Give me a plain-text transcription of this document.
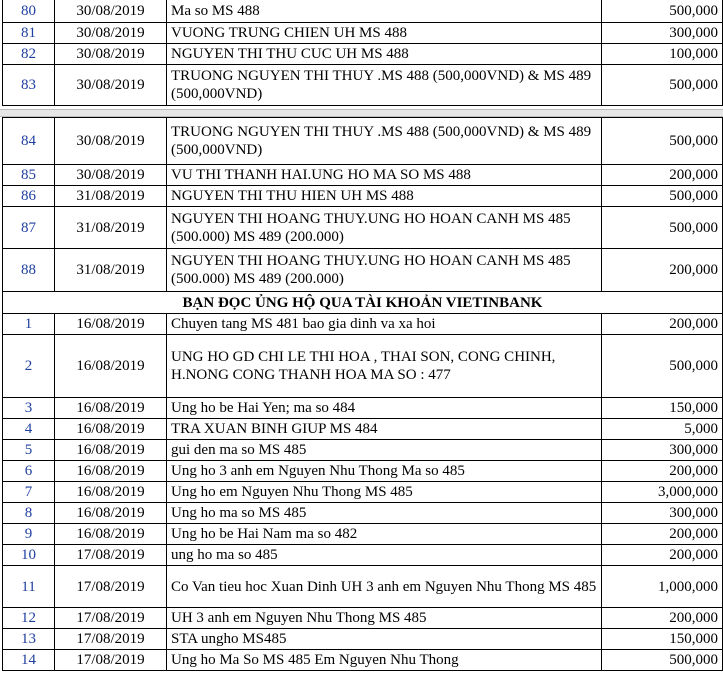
80	30/08/2019	Ma so MS 488	500,000
81	30/08/2019	VUONG TRUNG CHIEN UH MS 488	300,000
82	30/08/2019	NGUYEN THI THU CUC UH MS 488	100,000
83	30/08/2019	TRUONG NGUYEN THI THUY .MS 488 (500,000VND) & MS 489 (500,000VND)	500,000
84	30/08/2019	TRUONG NGUYEN THI THUY .MS 488 (500,000VND) & MS 489 (500,000VND)	500,000
85	30/08/2019	VU THI THANH HAI.UNG HO MA SO MS 488	200,000
86	31/08/2019	NGUYEN THI THU HIEN UH MS 488	500,000
87	31/08/2019	NGUYEN THI HOANG THUY.UNG HO HOAN CANH MS 485 (500.000) MS 489 (200.000)	500,000
88	31/08/2019	NGUYEN THI HOANG THUY.UNG HO HOAN CANH MS 485 (500.000) MS 489 (200.000)	200,000
BẠN ĐỌC ỦNG HỘ QUA TÀI KHOẢN VIETINBANK			
1	16/08/2019	Chuyen tang MS 481 bao gia dinh va xa hoi	200,000
2	16/08/2019	UNG HO GD CHI LE THI HOA , THAI SON, CONG CHINH, H.NONG CONG THANH HOA MA SO : 477	500,000
3	16/08/2019	Ung ho be Hai Yen; ma so 484	150,000
4	16/08/2019	TRA XUAN BINH GIUP MS 484	5,000
5	16/08/2019	gui den ma so MS 485	300,000
6	16/08/2019	Ung ho 3 anh em Nguyen Nhu Thong Ma so 485	200,000
7	16/08/2019	Ung ho em Nguyen Nhu Thong MS 485	3,000,000
8	16/08/2019	Ung ho ma so MS 485	300,000
9	16/08/2019	Ung ho be Hai Nam ma so 482	200,000
10	17/08/2019	ung ho ma so 485	200,000
11	17/08/2019	Co Van tieu hoc Xuan Dinh UH 3 anh em Nguyen Nhu Thong MS 485	1,000,000
12	17/08/2019	UH 3 anh em Nguyen Nhu Thong MS 485	200,000
13	17/08/2019	STA ungho MS485	150,000
14	17/08/2019	Ung ho Ma So MS 485 Em Nguyen Nhu Thong	500,000
